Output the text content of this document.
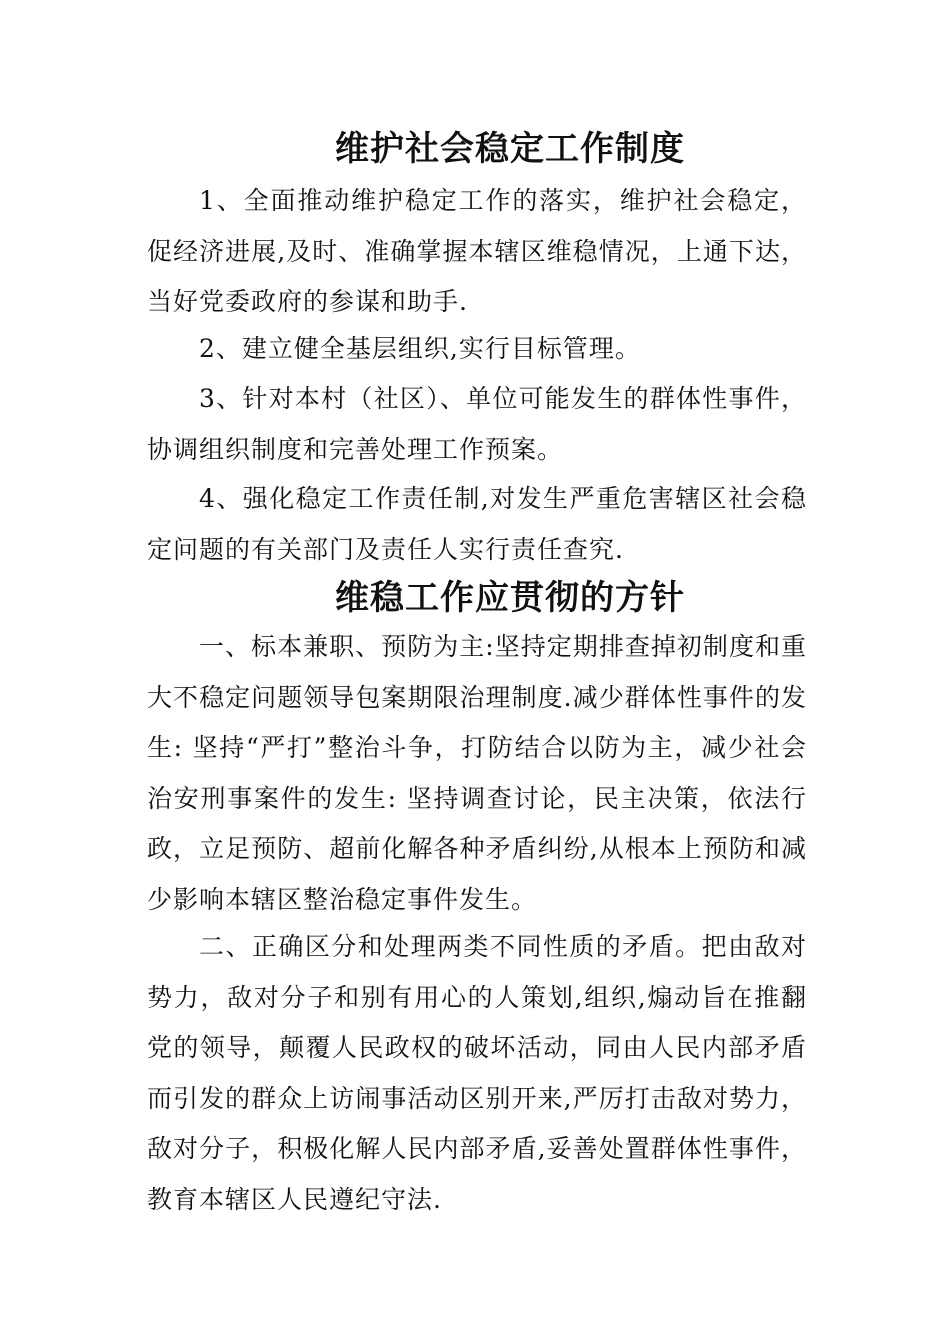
维护社会稳定工作制度

1、全面推动维护稳定工作的落实，维护社会稳定，促经济进展,及时、准确掌握本辖区维稳情况，上通下达，当好党委政府的参谋和助手.

2、建立健全基层组织,实行目标管理。

3、针对本村（社区）、单位可能发生的群体性事件，协调组织制度和完善处理工作预案。

4、强化稳定工作责任制,对发生严重危害辖区社会稳定问题的有关部门及责任人实行责任查究.

维稳工作应贯彻的方针

一、标本兼职、预防为主:坚持定期排查掉初制度和重大不稳定问题领导包案期限治理制度.减少群体性事件的发生: 坚持“严打”整治斗争，打防结合以防为主，减少社会治安刑事案件的发生: 坚持调查讨论，民主决策，依法行政，立足预防、超前化解各种矛盾纠纷,从根本上预防和减少影响本辖区整治稳定事件发生。

二、正确区分和处理两类不同性质的矛盾。把由敌对势力，敌对分子和别有用心的人策划,组织,煽动旨在推翻党的领导，颠覆人民政权的破坏活动，同由人民内部矛盾而引发的群众上访闹事活动区别开来,严厉打击敌对势力，敌对分子，积极化解人民内部矛盾,妥善处置群体性事件，教育本辖区人民遵纪守法.
